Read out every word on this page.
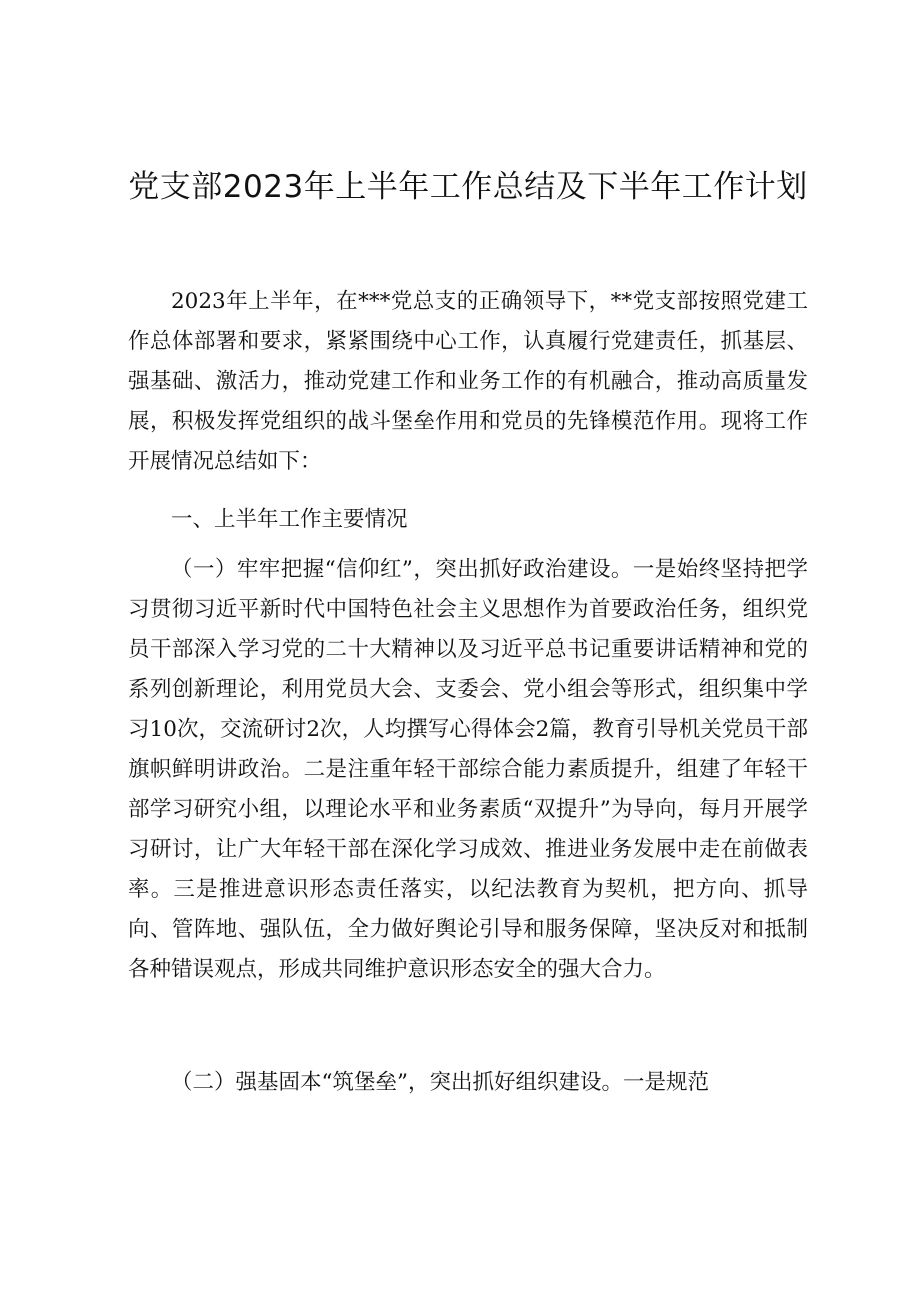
党支部2023年上半年工作总结及下半年工作计划

2023年上半年，在***党总支的正确领导下，**党支部按照党建工作总体部署和要求，紧紧围绕中心工作，认真履行党建责任，抓基层、强基础、激活力，推动党建工作和业务工作的有机融合，推动高质量发展，积极发挥党组织的战斗堡垒作用和党员的先锋模范作用。现将工作开展情况总结如下：

一、上半年工作主要情况

（一）牢牢把握“信仰红”，突出抓好政治建设。一是始终坚持把学习贯彻习近平新时代中国特色社会主义思想作为首要政治任务，组织党员干部深入学习党的二十大精神以及习近平总书记重要讲话精神和党的系列创新理论，利用党员大会、支委会、党小组会等形式，组织集中学习10次，交流研讨2次，人均撰写心得体会2篇，教育引导机关党员干部旗帜鲜明讲政治。二是注重年轻干部综合能力素质提升，组建了年轻干部学习研究小组，以理论水平和业务素质“双提升”为导向，每月开展学习研讨，让广大年轻干部在深化学习成效、推进业务发展中走在前做表率。三是推进意识形态责任落实，以纪法教育为契机，把方向、抓导向、管阵地、强队伍，全力做好舆论引导和服务保障，坚决反对和抵制各种错误观点，形成共同维护意识形态安全的强大合力。

（二）强基固本“筑堡垒”，突出抓好组织建设。一是规范
